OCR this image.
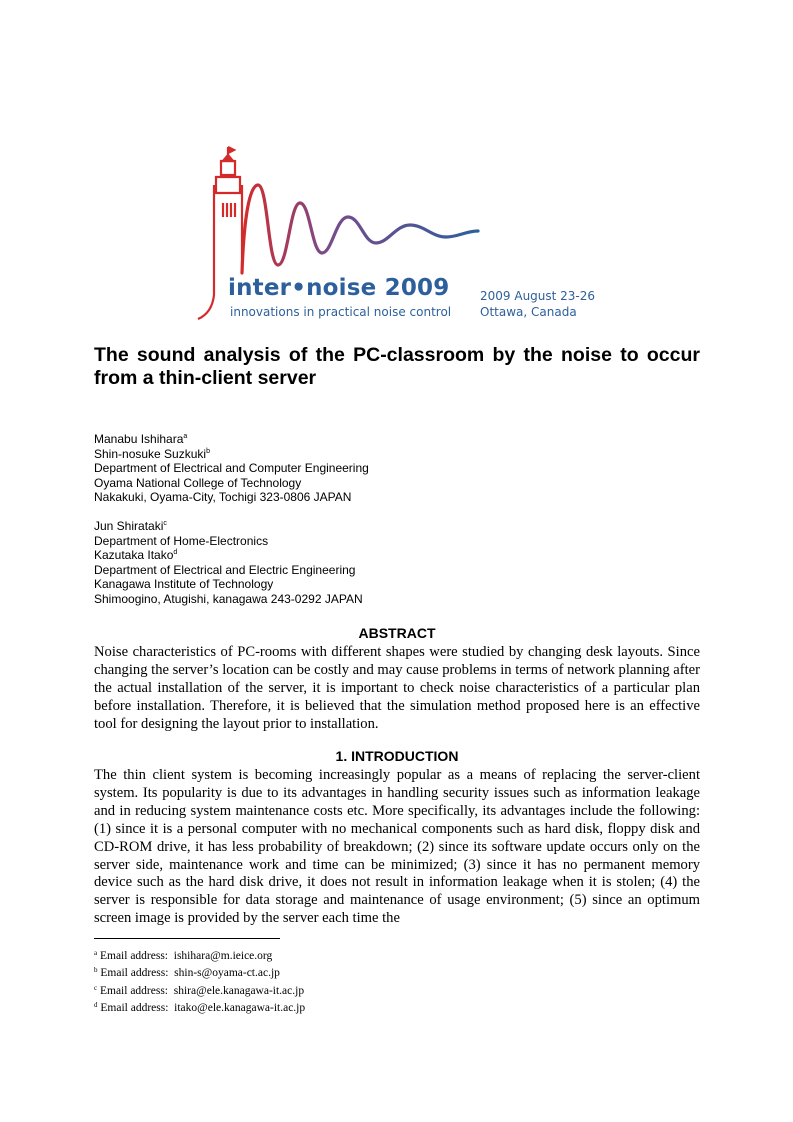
inter•noise 2009
innovations in practical noise control
2009 August 23-26
Ottawa, Canada
The sound analysis of the PC-classroom by the noise to occur from a thin-client server
Manabu Ishihara$^a$
Shin-nosuke Suzkuki$^b$
Department of Electrical and Computer Engineering
Oyama National College of Technology
Nakakuki, Oyama-City, Tochigi 323-0806 JAPAN
Jun Shirataki$^c$
Department of Home-Electronics
Kazutaka Itako$^d$
Department of Electrical and Electric Engineering
Kanagawa Institute of Technology
Shimoogino, Atugishi, kanagawa 243-0292 JAPAN
ABSTRACT
Noise characteristics of PC-rooms with different shapes were studied by changing desk layouts. Since changing the server’s location can be costly and may cause problems in terms of network planning after the actual installation of the server, it is important to check noise characteristics of a particular plan before installation. Therefore, it is believed that the simulation method proposed here is an effective tool for designing the layout prior to installation.
1. INTRODUCTION
The thin client system is becoming increasingly popular as a means of replacing the server-client system. Its popularity is due to its advantages in handling security issues such as information leakage and in reducing system maintenance costs etc. More specifically, its advantages include the following: (1) since it is a personal computer with no mechanical components such as hard disk, floppy disk and CD-ROM drive, it has less probability of breakdown; (2) since its software update occurs only on the server side, maintenance work and time can be minimized; (3) since it has no permanent memory device such as the hard disk drive, it does not result in information leakage when it is stolen; (4) the server is responsible for data storage and maintenance of usage environment; (5) since an optimum screen image is provided by the server each time the
$^a$ Email address: ishihara@m.ieice.org
$^b$ Email address: shin-s@oyama-ct.ac.jp
$^c$ Email address: shira@ele.kanagawa-it.ac.jp
$^d$ Email address: itako@ele.kanagawa-it.ac.jp
